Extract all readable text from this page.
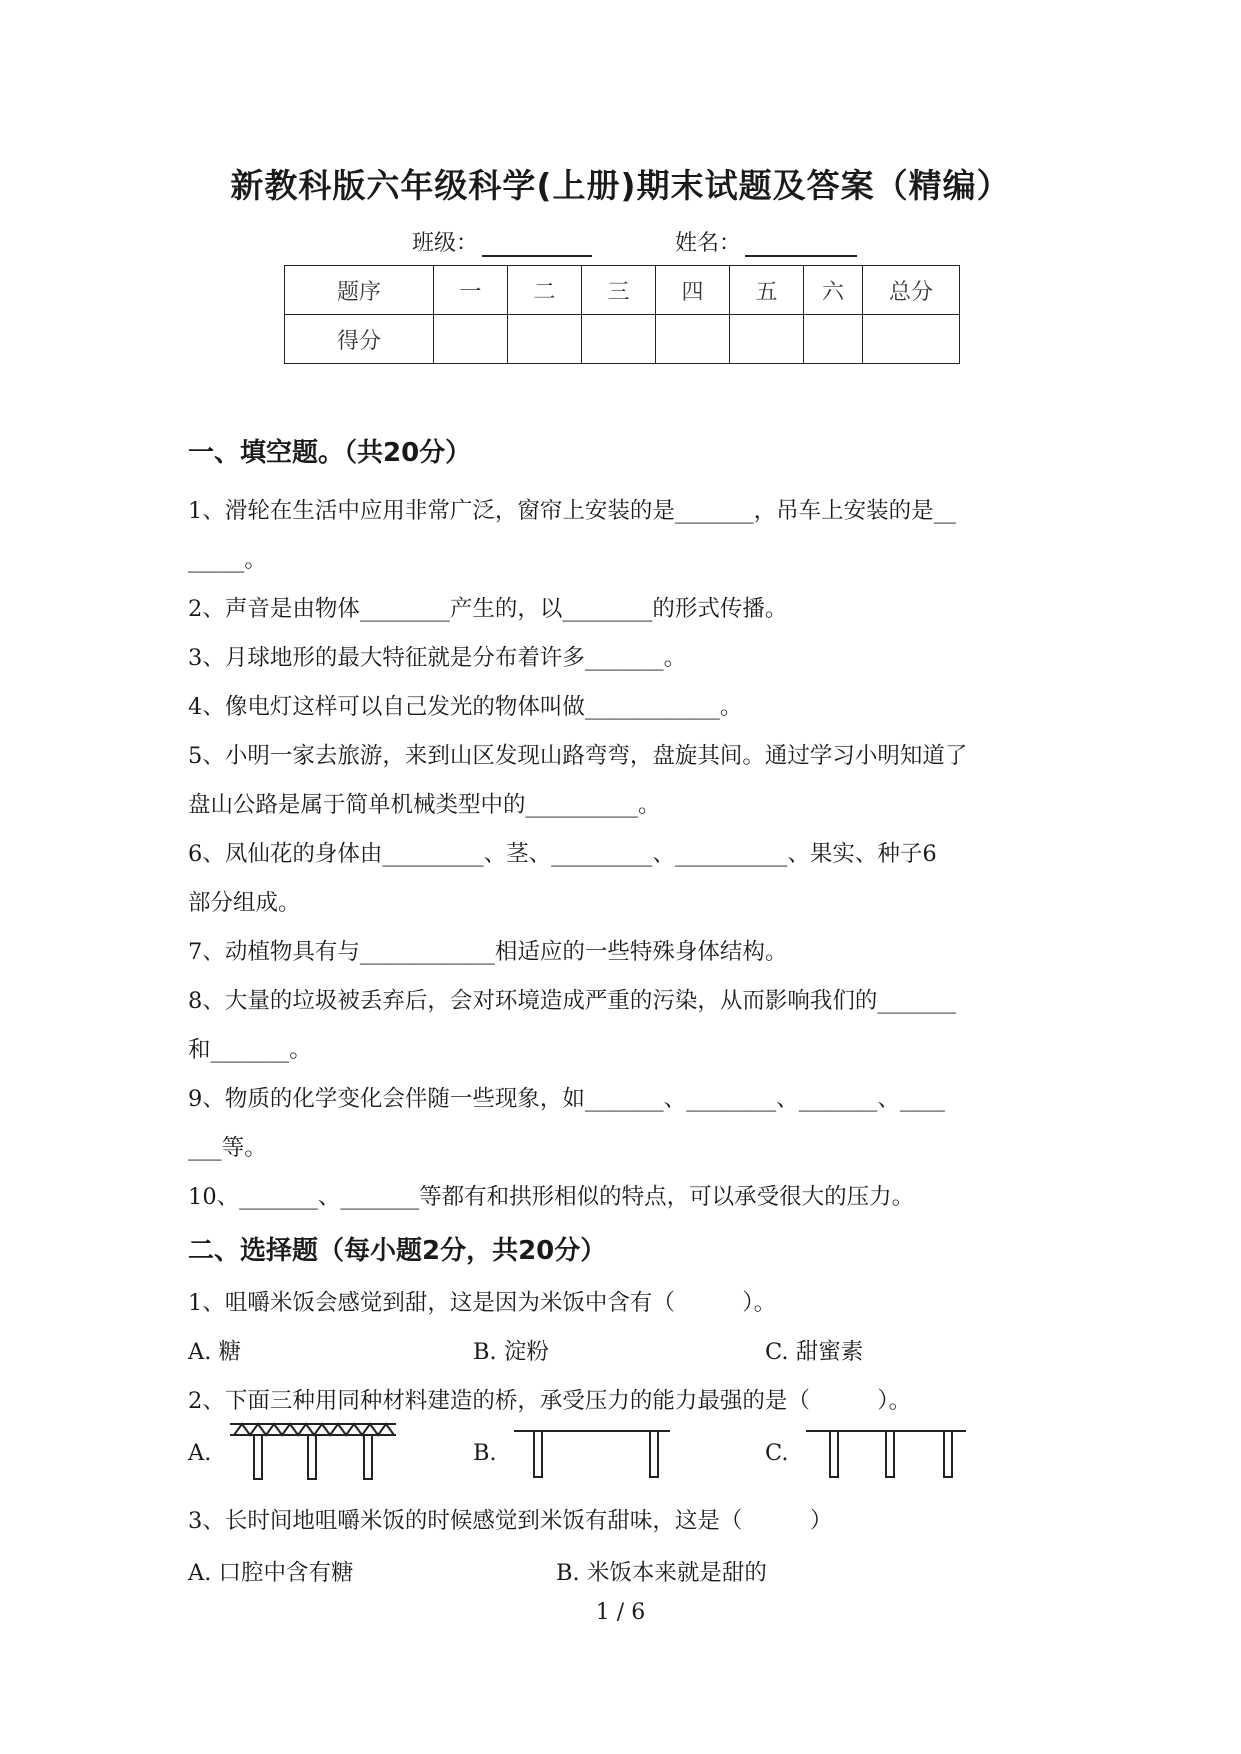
新教科版六年级科学(上册)期末试题及答案（精编）
班级：	姓名：
题序	一	二	三	四	五	六	总分
得分							
一、填空题。（共20分）
1、滑轮在生活中应用非常广泛，窗帘上安装的是_______，吊车上安装的是__
_____。
2、声音是由物体________产生的，以________的形式传播。
3、月球地形的最大特征就是分布着许多_______。
4、像电灯这样可以自己发光的物体叫做____________。
5、小明一家去旅游，来到山区发现山路弯弯，盘旋其间。通过学习小明知道了
盘山公路是属于简单机械类型中的__________。
6、凤仙花的身体由_________、茎、_________、__________、果实、种子6
部分组成。
7、动植物具有与____________相适应的一些特殊身体结构。
8、大量的垃圾被丢弃后，会对环境造成严重的污染，从而影响我们的_______
和_______。
9、物质的化学变化会伴随一些现象，如_______、________、_______、____
___等。
10、_______、_______等都有和拱形相似的特点，可以承受很大的压力。
二、选择题（每小题2分，共20分）
1、咀嚼米饭会感觉到甜，这是因为米饭中含有（　　　）。
A. 糖	B. 淀粉	C. 甜蜜素
2、下面三种用同种材料建造的桥，承受压力的能力最强的是（　　　）。
A.	B.	C.
3、长时间地咀嚼米饭的时候感觉到米饭有甜味，这是（　　　）
A. 口腔中含有糖	B. 米饭本来就是甜的
1 / 6
